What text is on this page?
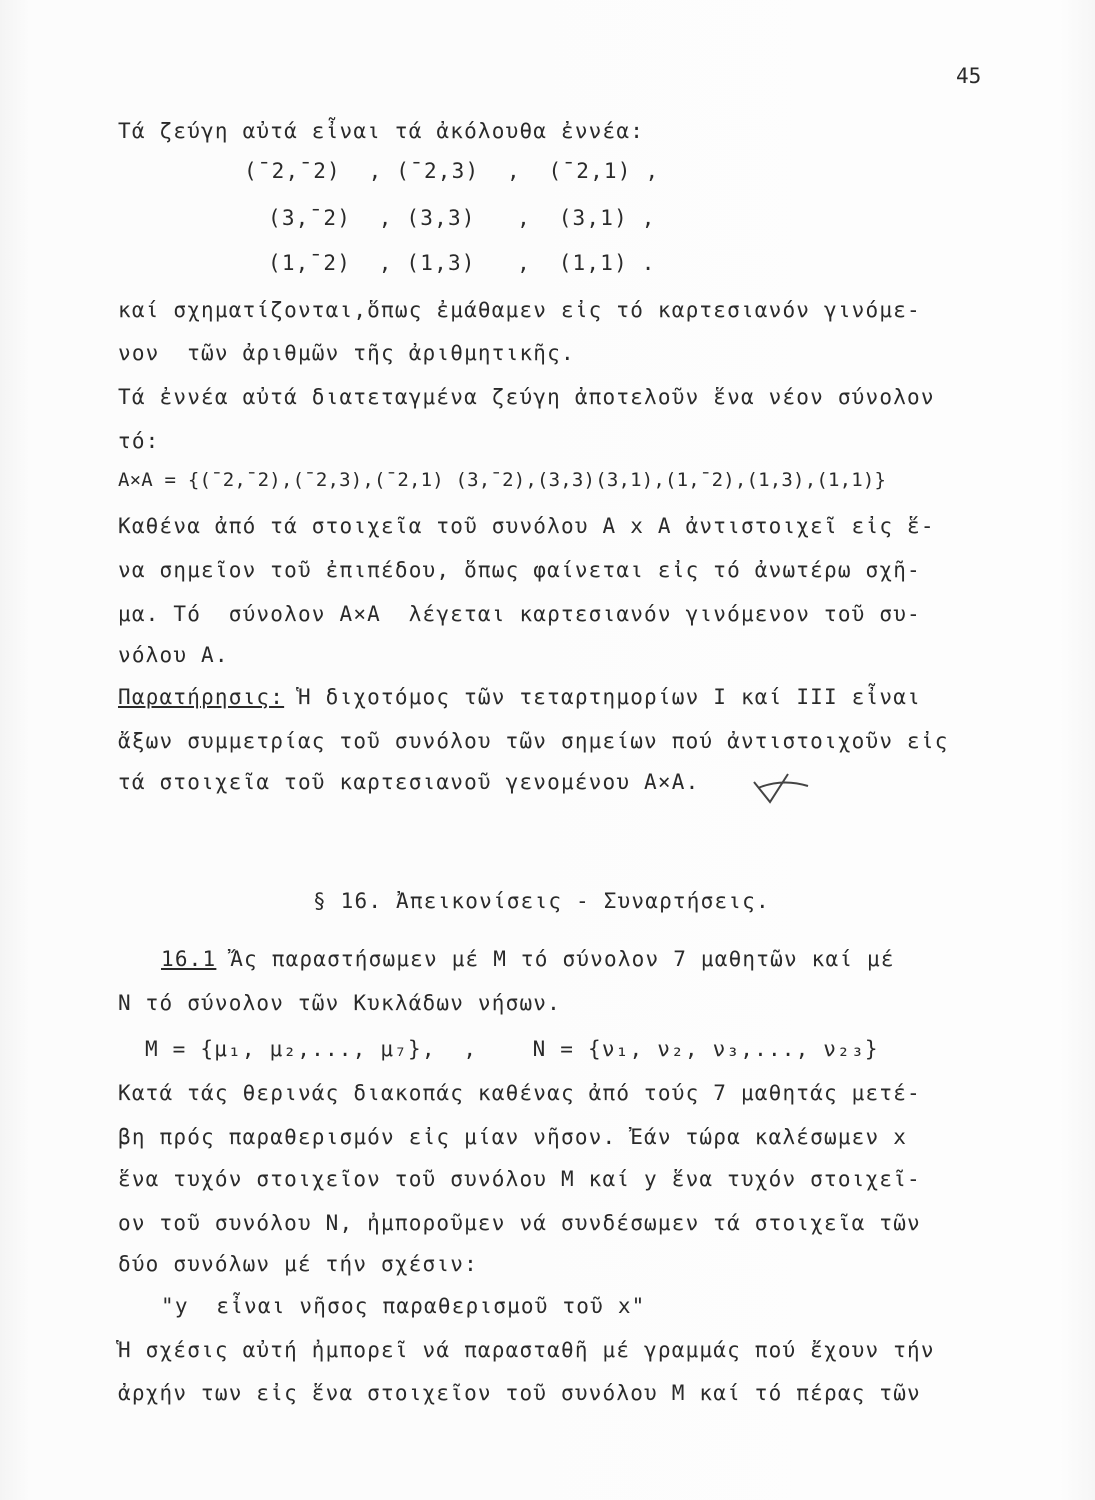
45
Τά ζεύγη αὐτά εἶναι τά ἀκόλουθα ἐννέα:
(¯2,¯2)  , (¯2,3)  ,  (¯2,1) ,
(3,¯2)  , (3,3)   ,  (3,1) ,
(1,¯2)  , (1,3)   ,  (1,1) .
καί σχηματίζονται,ὅπως ἐμάθαμεν εἰς τό καρτεσιανόν γινόμε-
νον  τῶν ἀριθμῶν τῆς ἀριθμητικῆς.
Τά ἐννέα αὐτά διατεταγμένα ζεύγη ἀποτελοῦν ἕνα νέον σύνολον
τό:
A×A = {(¯2,¯2),(¯2,3),(¯2,1) (3,¯2),(3,3)(3,1),(1,¯2),(1,3),(1,1)}
Καθένα ἀπό τά στοιχεῖα τοῦ συνόλου A x A ἀντιστοιχεῖ εἰς ἕ-
να σημεῖον τοῦ ἐπιπέδου, ὅπως φαίνεται εἰς τό ἀνωτέρω σχῆ-
μα. Τό  σύνολον A×A  λέγεται καρτεσιανόν γινόμενον τοῦ συ-
νόλου A.
Παρατήρησις: Ἡ διχοτόμος τῶν τεταρτημορίων I καί III εἶναι
ἄξων συμμετρίας τοῦ συνόλου τῶν σημείων πού ἀντιστοιχοῦν εἰς
τά στοιχεῖα τοῦ καρτεσιανοῦ γενομένου A×A.
§ 16. Ἀπεικονίσεις - Συναρτήσεις.
16.1 Ἄς παραστήσωμεν μέ M τό σύνολον 7 μαθητῶν καί μέ
N τό σύνολον τῶν Κυκλάδων νήσων.
M = {μ₁, μ₂,..., μ₇},  ,    N = {ν₁, ν₂, ν₃,..., ν₂₃}
Κατά τάς θερινάς διακοπάς καθένας ἀπό τούς 7 μαθητάς μετέ-
βη πρός παραθερισμόν εἰς μίαν νῆσον. Ἐάν τώρα καλέσωμεν x
ἕνα τυχόν στοιχεῖον τοῦ συνόλου M καί y ἕνα τυχόν στοιχεῖ-
ον τοῦ συνόλου N, ἠμποροῦμεν νά συνδέσωμεν τά στοιχεῖα τῶν
δύο συνόλων μέ τήν σχέσιν:
"y  εἶναι νῆσος παραθερισμοῦ τοῦ x"
Ἡ σχέσις αὐτή ἠμπορεῖ νά παρασταθῆ μέ γραμμάς πού ἔχουν τήν
ἀρχήν των εἰς ἕνα στοιχεῖον τοῦ συνόλου M καί τό πέρας τῶν
